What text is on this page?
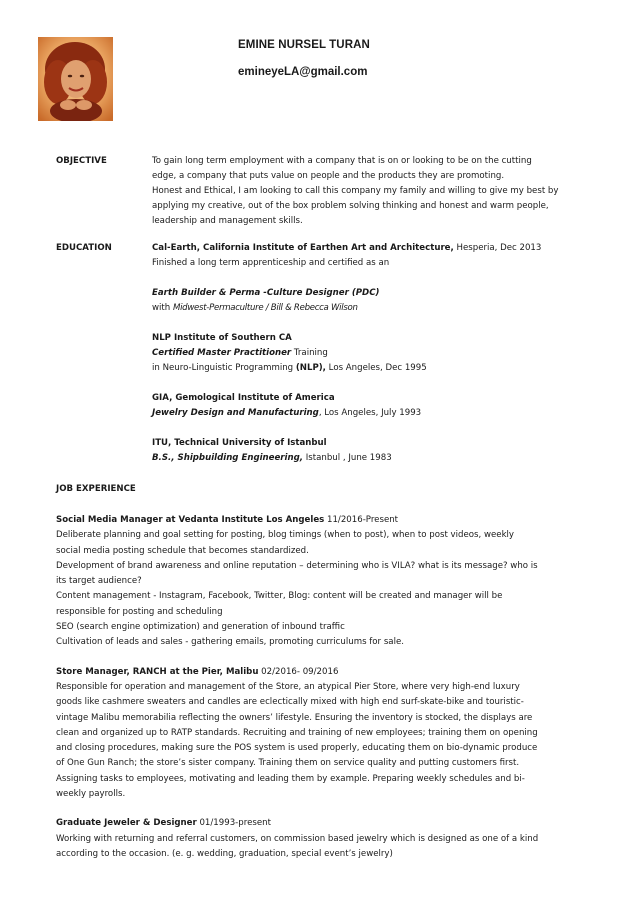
EMINE NURSEL TURAN
emineyeLA@gmail.com
OBJECTIVE	To gain long term employment with a company that is on or looking to be on the cutting
edge, a company that puts value on people and the products they are promoting.
Honest and Ethical, I am looking to call this company my family and willing to give my best by
applying my creative, out of the box problem solving thinking and honest and warm people,
leadership and management skills.
EDUCATION	Cal-Earth, California Institute of Earthen Art and Architecture, Hesperia, Dec 2013
Finished a long term apprenticeship and certified as an
Earth Builder & Perma -Culture Designer (PDC)
with Midwest-Permaculture / Bill & Rebecca Wilson
NLP Institute of Southern CA
Certified Master Practitioner Training
in Neuro-Linguistic Programming (NLP), Los Angeles, Dec 1995
GIA, Gemological Institute of America
Jewelry Design and Manufacturing, Los Angeles, July 1993
ITU, Technical University of Istanbul
B.S., Shipbuilding Engineering, Istanbul , June 1983
JOB EXPERIENCE
Social Media Manager at Vedanta Institute Los Angeles 11/2016-Present
Deliberate planning and goal setting for posting, blog timings (when to post), when to post videos, weekly
social media posting schedule that becomes standardized.
Development of brand awareness and online reputation – determining who is VILA? what is its message? who is
its target audience?
Content management - Instagram, Facebook, Twitter, Blog: content will be created and manager will be
responsible for posting and scheduling
SEO (search engine optimization) and generation of inbound traffic
Cultivation of leads and sales - gathering emails, promoting curriculums for sale.
Store Manager, RANCH at the Pier, Malibu 02/2016- 09/2016
Responsible for operation and management of the Store, an atypical Pier Store, where very high-end luxury
goods like cashmere sweaters and candles are eclectically mixed with high end surf-skate-bike and touristic-
vintage Malibu memorabilia reflecting the owners’ lifestyle. Ensuring the inventory is stocked, the displays are
clean and organized up to RATP standards. Recruiting and training of new employees; training them on opening
and closing procedures, making sure the POS system is used properly, educating them on bio-dynamic produce
of One Gun Ranch; the store’s sister company. Training them on service quality and putting customers first.
Assigning tasks to employees, motivating and leading them by example. Preparing weekly schedules and bi-
weekly payrolls.
Graduate Jeweler & Designer 01/1993-present
Working with returning and referral customers, on commission based jewelry which is designed as one of a kind
according to the occasion. (e. g. wedding, graduation, special event’s jewelry)
